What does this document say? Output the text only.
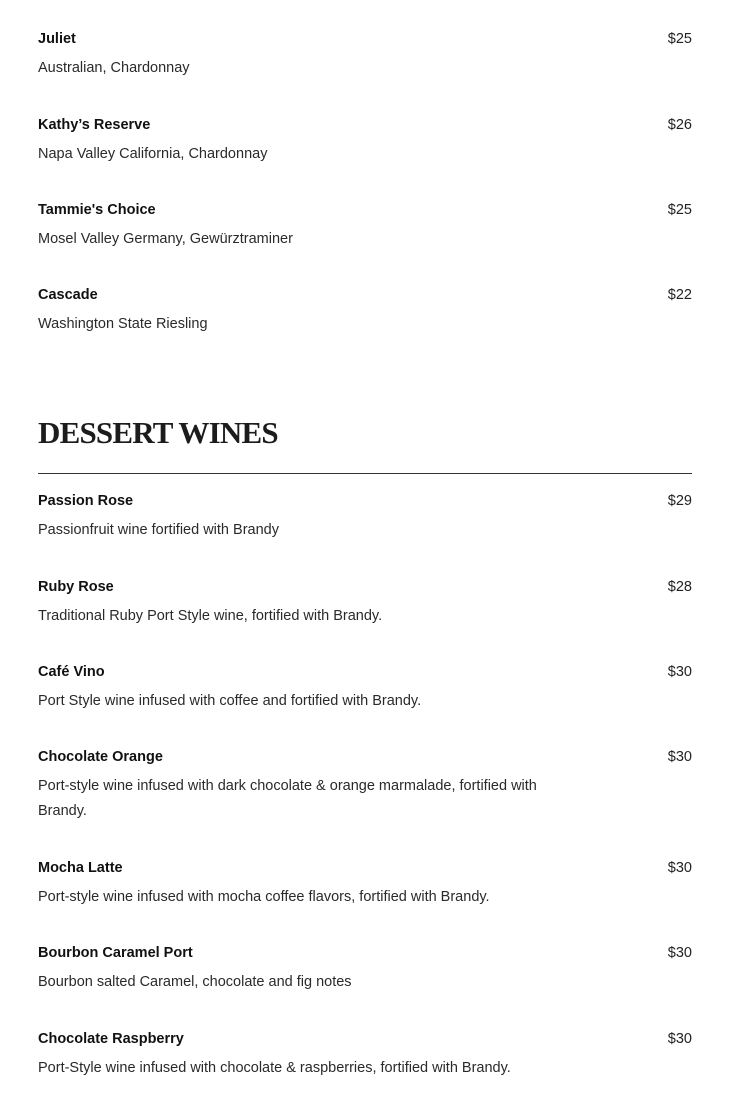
Juliet	$25
Australian, Chardonnay
Kathy’s Reserve	$26
Napa Valley California, Chardonnay
Tammie's Choice	$25
Mosel Valley Germany, Gewürztraminer
Cascade	$22
Washington State Riesling
DESSERT WINES
Passion Rose	$29
Passionfruit wine fortified with Brandy
Ruby Rose	$28
Traditional Ruby Port Style wine, fortified with Brandy.
Café Vino	$30
Port Style wine infused with coffee and fortified with Brandy.
Chocolate Orange	$30
Port-style wine infused with dark chocolate & orange marmalade, fortified with Brandy.
Mocha Latte	$30
Port-style wine infused with mocha coffee flavors, fortified with Brandy.
Bourbon Caramel Port	$30
Bourbon salted Caramel, chocolate and fig notes
Chocolate Raspberry	$30
Port-Style wine infused with chocolate & raspberries, fortified with Brandy.
